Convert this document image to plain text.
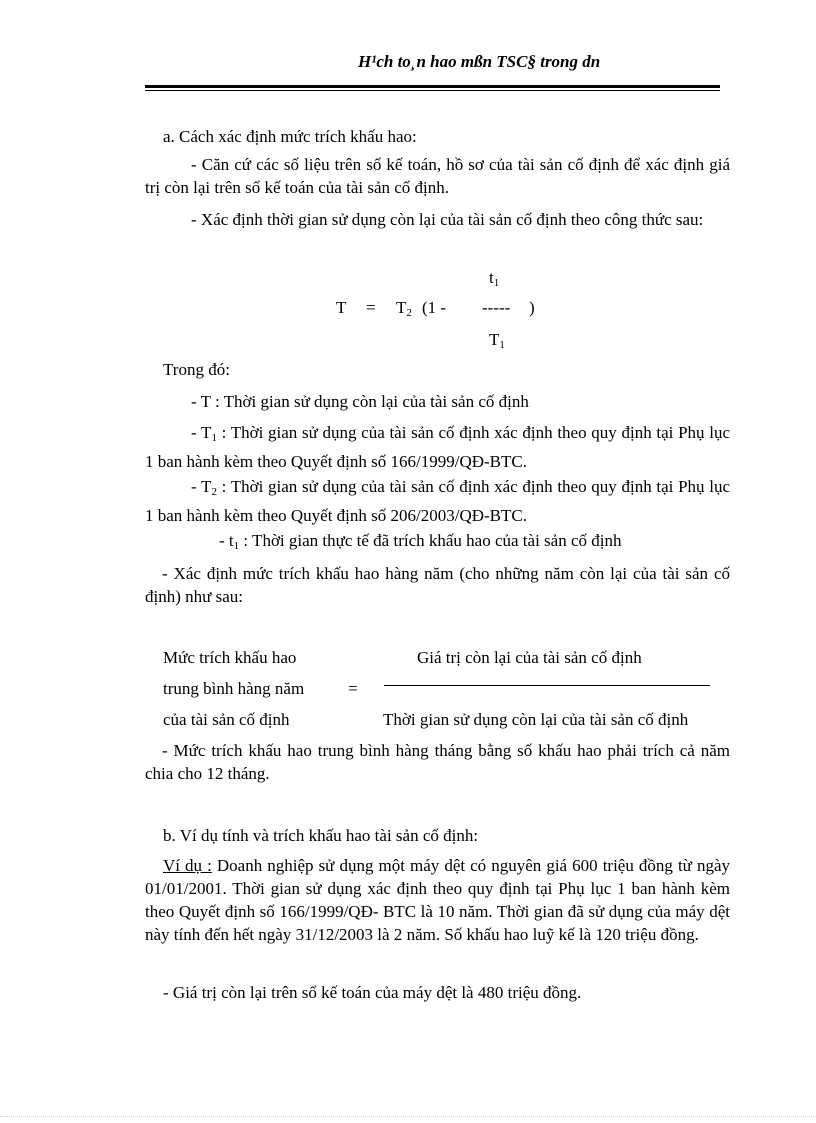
H¹ch to¸n hao mßn TSC§ trong dn
a. Cách xác định mức trích khấu hao:
- Căn cứ các số liệu trên sổ kế toán, hồ sơ của tài sản cố định để xác định giá trị còn lại trên sổ kế toán của tài sản cố định.
- Xác định thời gian sử dụng còn lại của tài sản cố định theo công thức sau:
$t_1$
$T = T_2$ (1 - ----- )
$T_1$
Trong đó:
- T : Thời gian sử dụng còn lại của tài sản cố định
- $T_1$ : Thời gian sử dụng của tài sản cố định xác định theo quy định tại Phụ lục 1 ban hành kèm theo Quyết định số 166/1999/QĐ-BTC.
- $T_2$ : Thời gian sử dụng của tài sản cố định xác định theo quy định tại Phụ lục 1 ban hành kèm theo Quyết định số 206/2003/QĐ-BTC.
- $t_1$ : Thời gian thực tế đã trích khấu hao của tài sản cố định
- Xác định mức trích khấu hao hàng năm (cho những năm còn lại của tài sản cố định) như sau:
Mức trích khấu hao
trung bình hàng năm
của tài sản cố định
=
Giá trị còn lại của tài sản cố định
Thời gian sử dụng còn lại của tài sản cố định
- Mức trích khấu hao trung bình hàng tháng bằng số khấu hao phải trích cả năm chia cho 12 tháng.
b. Ví dụ tính và trích khấu hao tài sản cố định:
Ví dụ : Doanh nghiệp sử dụng một máy dệt có nguyên giá 600 triệu đồng từ ngày 01/01/2001. Thời gian sử dụng xác định theo quy định tại Phụ lục 1 ban hành kèm theo Quyết định số 166/1999/QĐ- BTC là 10 năm. Thời gian đã sử dụng của máy dệt này tính đến hết ngày 31/12/2003 là 2 năm. Số khấu hao luỹ kế là 120 triệu đồng.
- Giá trị còn lại trên sổ kế toán của máy dệt là 480 triệu đồng.
